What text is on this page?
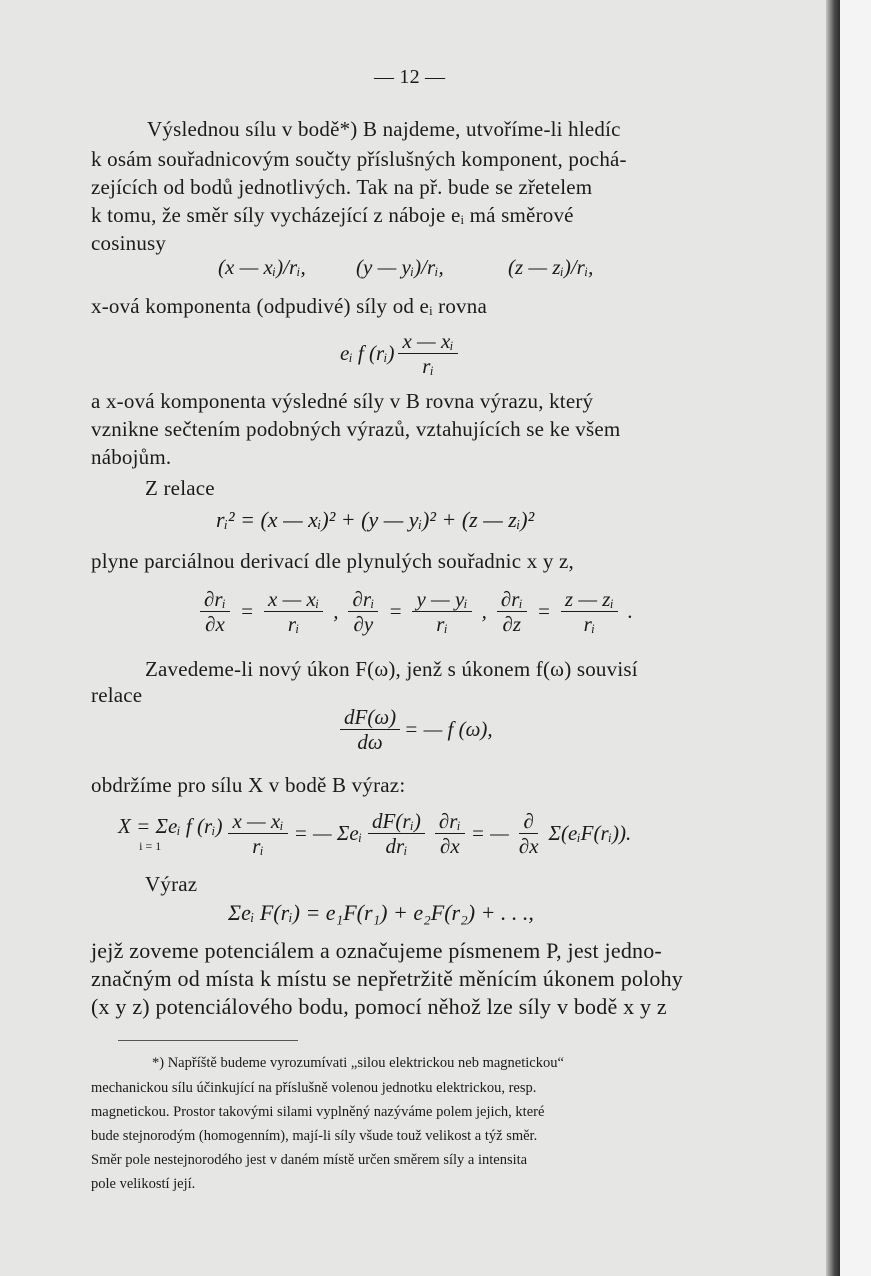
— 12 —
Výslednou sílu v bodě*) B najdeme, utvoříme-li hledíc
k osám souřadnicovým součty příslušných komponent, pochá-
zejících od bodů jednotlivých. Tak na př. bude se zřetelem
k tomu, že směr síly vycházející z náboje eᵢ má směrové
cosinusy
(x — xᵢ)/rᵢ, (y — yᵢ)/rᵢ,	(z — zᵢ)/rᵢ,
x-ová komponenta (odpudivé) síly od eᵢ rovna
eᵢ f (rᵢ) $\frac{\text{x — xᵢ}}{\text{rᵢ}}$
a x-ová komponenta výsledné síly v B rovna výrazu, který
vznikne sečtením podobných výrazů, vztahujících se ke všem
nábojům.
Z relace
rᵢ² = (x — xᵢ)² + (y — yᵢ)² + (z — zᵢ)²
plyne parciálnou derivací dle plynulých souřadnic x y z,
$\frac{\text{∂rᵢ}}{\partial x} = \frac{\text{x — xᵢ}}{\text{rᵢ}}$ , $\frac{\text{∂rᵢ}}{\partial y} = \frac{\text{y — yᵢ}}{\text{rᵢ}}$ , $\frac{\text{∂rᵢ}}{\partial z} = \frac{\text{z — zᵢ}}{\text{rᵢ}}$ .
Zavedeme-li nový úkon F(ω), jenž s úkonem f(ω) souvisí
relace
$\frac{dF(\omega)}{d\omega}$ = — f (ω),
obdržíme pro sílu X v bodě B výraz:
X = Σeᵢ f (rᵢ)
i = 1	$\frac{\text{x — xᵢ}}{\text{rᵢ}}$ = — Σeᵢ $\frac{\text{dF(rᵢ)}}{\text{drᵢ}} \frac{\text{∂rᵢ}}{\partial x}$ = — $\frac{\partial}{\partial x}$ Σ(eᵢF(rᵢ)).
Výraz
Σeᵢ F(rᵢ) = e₁F(r₁) + e₂F(r₂) + . . .,
jejž zoveme potenciálem a označujeme písmenem P, jest jedno-
značným od místa k místu se nepřetržitě měnícím úkonem polohy
(x y z) potenciálového bodu, pomocí něhož lze síly v bodě x y z
*) Napříště budeme vyrozumívati „silou elektrickou neb magnetickou“
mechanickou sílu účinkující na příslušně volenou jednotku elektrickou, resp.
magnetickou. Prostor takovými silami vyplněný nazýváme polem jejich, které
bude stejnorodým (homogenním), mají-li síly všude touž velikost a týž směr.
Směr pole nestejnorodého jest v daném místě určen směrem síly a intensita
pole velikostí její.
